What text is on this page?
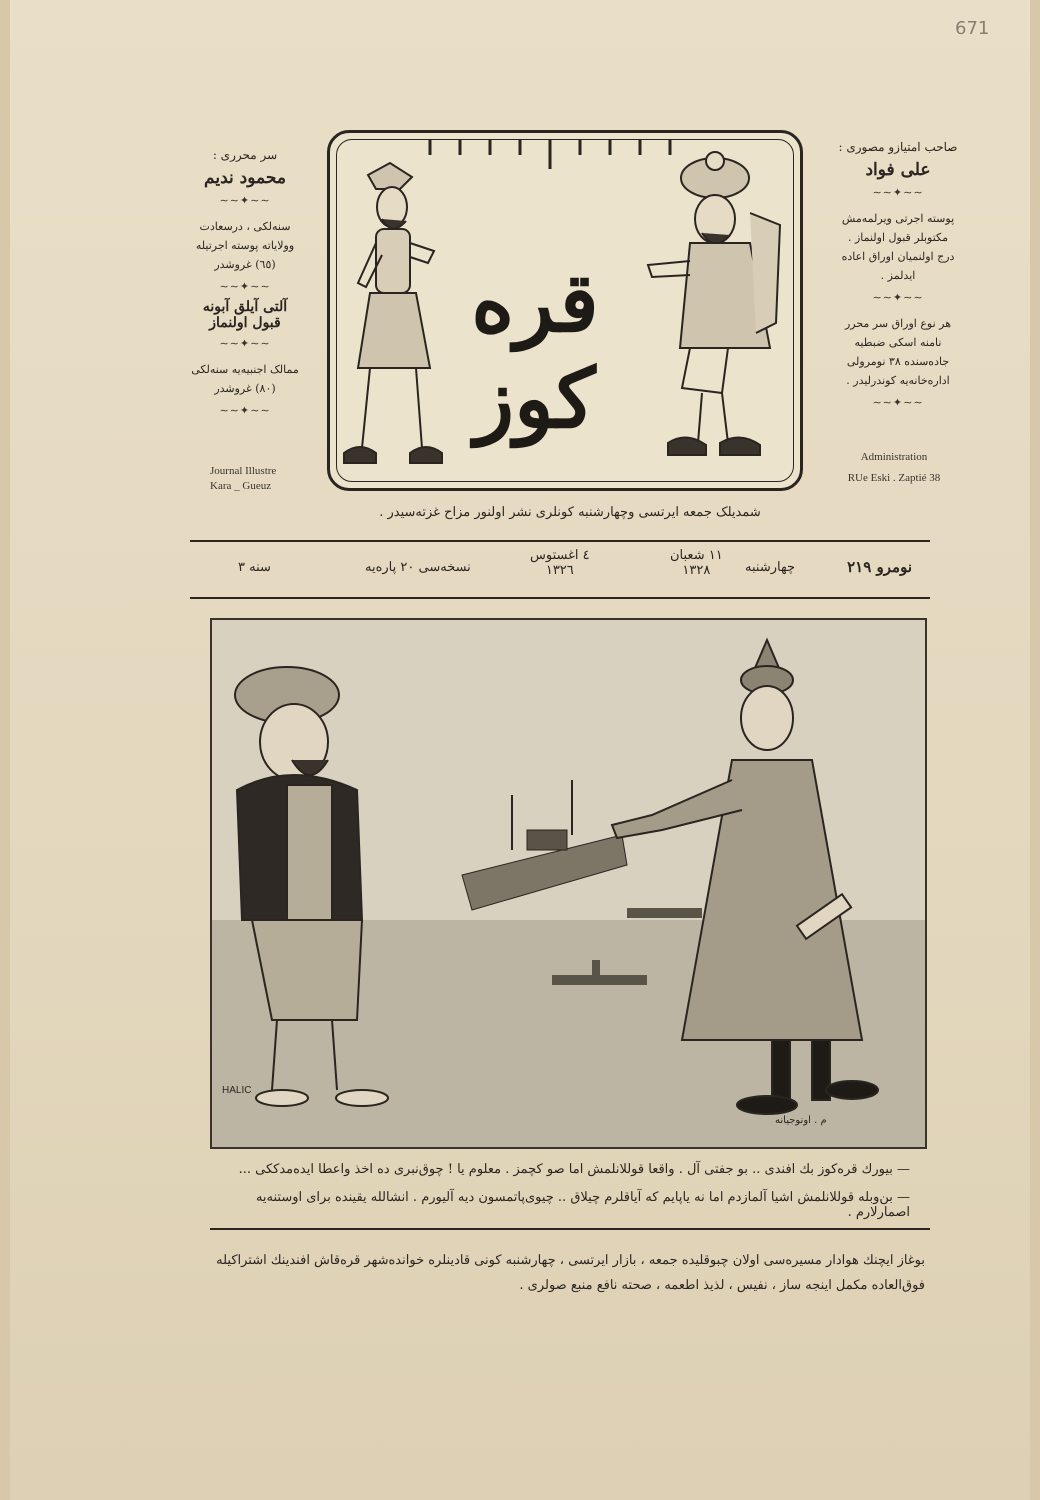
671
سر محرری :
محمود ندیم
∽∽✦∽∽
سنه‌لکی ، درسعادت وولایاته پوسته اجرتیله (٦٥) غروشدر
∽∽✦∽∽
آلتی آیلق آبونه قبول اولنماز
∽∽✦∽∽
ممالک اجنبیه‌یه سنه‌لکی (٨٠) غروشدر
∽∽✦∽∽
Journal Illustre
Kara _ Gueuz
صاحب امتیازو مصوری :
علی فواد
∽∽✦∽∽
پوسته اجرتی ویرلمه‌مش مکتوبلر قبول اولنماز . درج اولنمیان اوراق اعاده ایدلمز .
∽∽✦∽∽
هر نوع اوراق سر محرر نامنه اسکی ضبطیه جاده‌سنده ٣٨ نومرولی اداره‌خانه‌یه کوندرلیدر .
∽∽✦∽∽
Administration
RUe Eski . Zaptié 38
قره کوز
شمدیلک جمعه ایرتسی وچهارشنبه کونلری نشر اولنور مزاح غزته‌سیدر .
نومرو ٢١٩
چهارشنبه
١١ شعبان
١٣٢٨
٤ اغستوس
١٣٢٦
نسخه‌سی ٢٠ پاره‌یه
سنه ٣
HALIC
م . اونوجیانه
— بیورك قره‌كوز بك افندی .. بو جفتی آل . واقعا قوللانلمش اما صو كچمز . معلوم یا ! چوق‌نبری ده اخذ واعطا ایده‌مدككی ...
— بن‌وبله قوللانلمش اشیا آلمازدم اما نه یاپایم كه آیاقلرم چیلاق .. چیوی‌پاتمسون دیه آلیورم . انشالله یقینده برای اوستنه‌یه اصمارلارم .
بوغاز ایچنك هوادار مسیره‌سی اولان چبوقلیده جمعه ، بازار ایرتسی ، چهارشنبه كونی قادینلره خوانده‌شهر قره‌قاش افندینك اشتراكیله
فوق‌العاده مكمل اینجه ساز ، نفیس ، لذیذ اطعمه ، صحته نافع منبع صولری .
